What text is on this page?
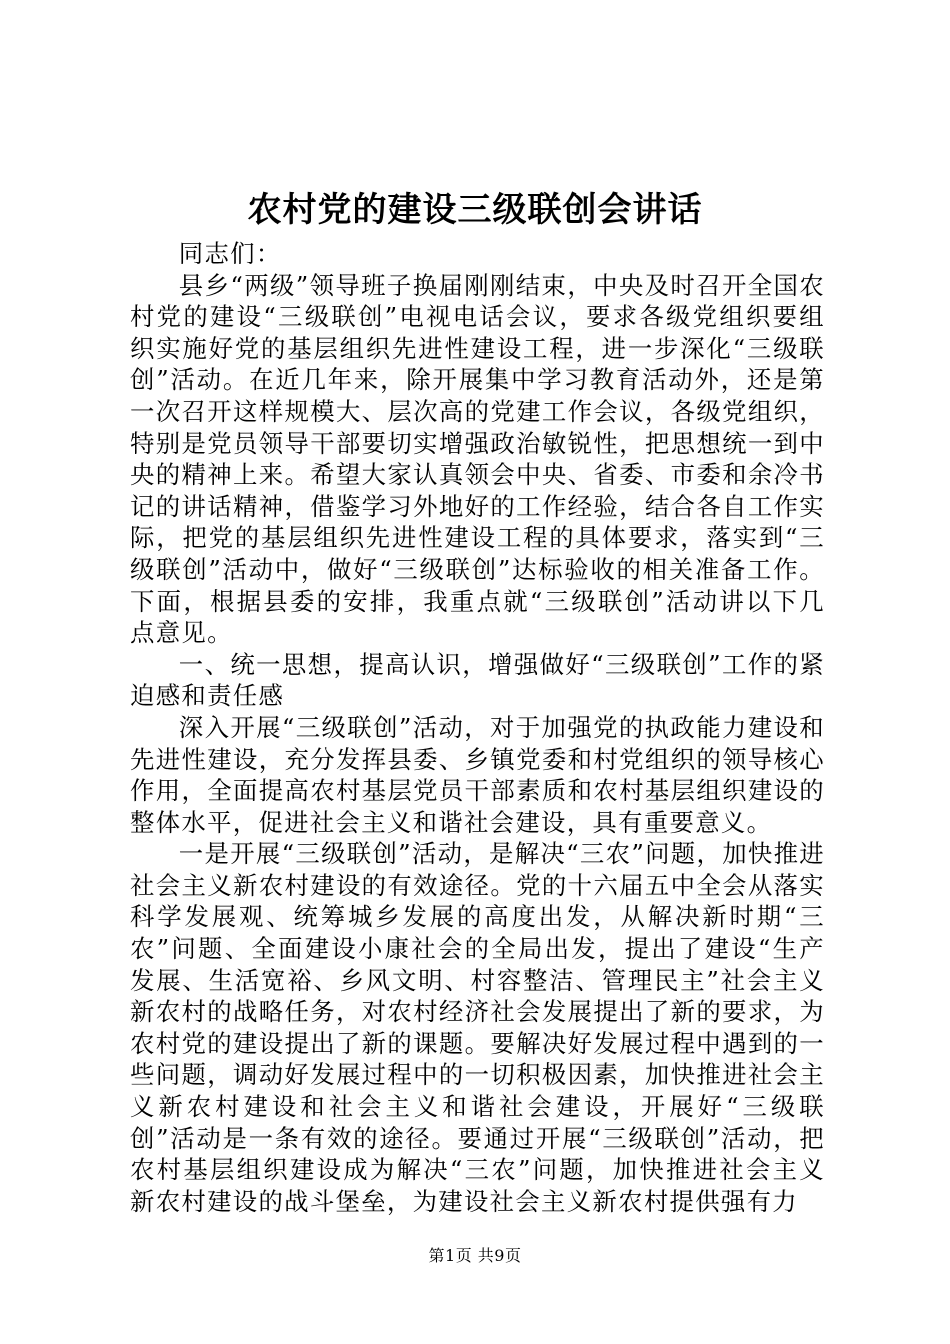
农村党的建设三级联创会讲话

同志们：

县乡“两级”领导班子换届刚刚结束，中央及时召开全国农村党的建设“三级联创”电视电话会议，要求各级党组织要组织实施好党的基层组织先进性建设工程，进一步深化“三级联创”活动。在近几年来，除开展集中学习教育活动外，还是第一次召开这样规模大、层次高的党建工作会议，各级党组织，特别是党员领导干部要切实增强政治敏锐性，把思想统一到中央的精神上来。希望大家认真领会中央、省委、市委和余冷书记的讲话精神，借鉴学习外地好的工作经验，结合各自工作实际，把党的基层组织先进性建设工程的具体要求，落实到“三级联创”活动中，做好“三级联创”达标验收的相关准备工作。下面，根据县委的安排，我重点就“三级联创”活动讲以下几点意见。

一、统一思想，提高认识，增强做好“三级联创”工作的紧迫感和责任感

深入开展“三级联创”活动，对于加强党的执政能力建设和先进性建设，充分发挥县委、乡镇党委和村党组织的领导核心作用，全面提高农村基层党员干部素质和农村基层组织建设的整体水平，促进社会主义和谐社会建设，具有重要意义。

一是开展“三级联创”活动，是解决“三农”问题，加快推进社会主义新农村建设的有效途径。党的十六届五中全会从落实科学发展观、统筹城乡发展的高度出发，从解决新时期“三农”问题、全面建设小康社会的全局出发，提出了建设“生产发展、生活宽裕、乡风文明、村容整洁、管理民主”社会主义新农村的战略任务，对农村经济社会发展提出了新的要求，为农村党的建设提出了新的课题。要解决好发展过程中遇到的一些问题，调动好发展过程中的一切积极因素，加快推进社会主义新农村建设和社会主义和谐社会建设，开展好“三级联创”活动是一条有效的途径。要通过开展“三级联创”活动，把农村基层组织建设成为解决“三农”问题，加快推进社会主义新农村建设的战斗堡垒，为建设社会主义新农村提供强有力

第1页 共9页
